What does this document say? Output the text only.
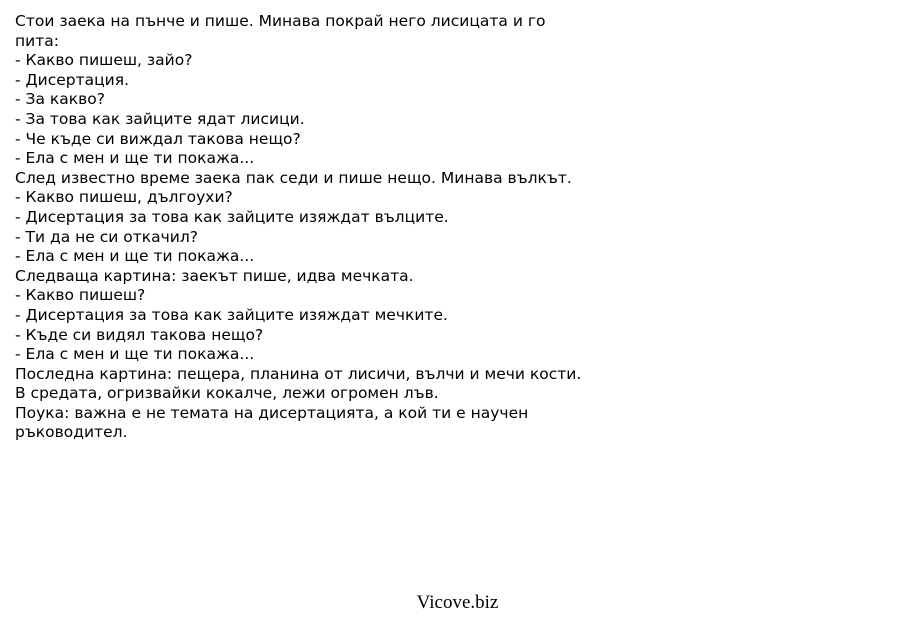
Стои заека на пънче и пише. Минава покрай него лисицата и го пита:
- Какво пишеш, зайо?
- Дисертация.
- За какво?
- За това как зайците ядат лисици.
- Че къде си виждал такова нещо?
- Ела с мен и ще ти покажа...
След известно време заека пак седи и пише нещо. Минава вълкът.
- Какво пишеш, дългоухи?
- Дисертация за това как зайците изяждат вълците.
- Ти да не си откачил?
- Ела с мен и ще ти покажа...
Следваща картина: заекът пише, идва мечката.
- Какво пишеш?
- Дисертация за това как зайците изяждат мечките.
- Къде си видял такова нещо?
- Ела с мен и ще ти покажа...
Последна картина: пещера, планина от лисичи, вълчи и мечи кости. В средата, огризвайки кокалче, лежи огромен лъв.
Поука: важна е не темата на дисертацията, а кой ти е научен ръководител.
Vicove.biz
